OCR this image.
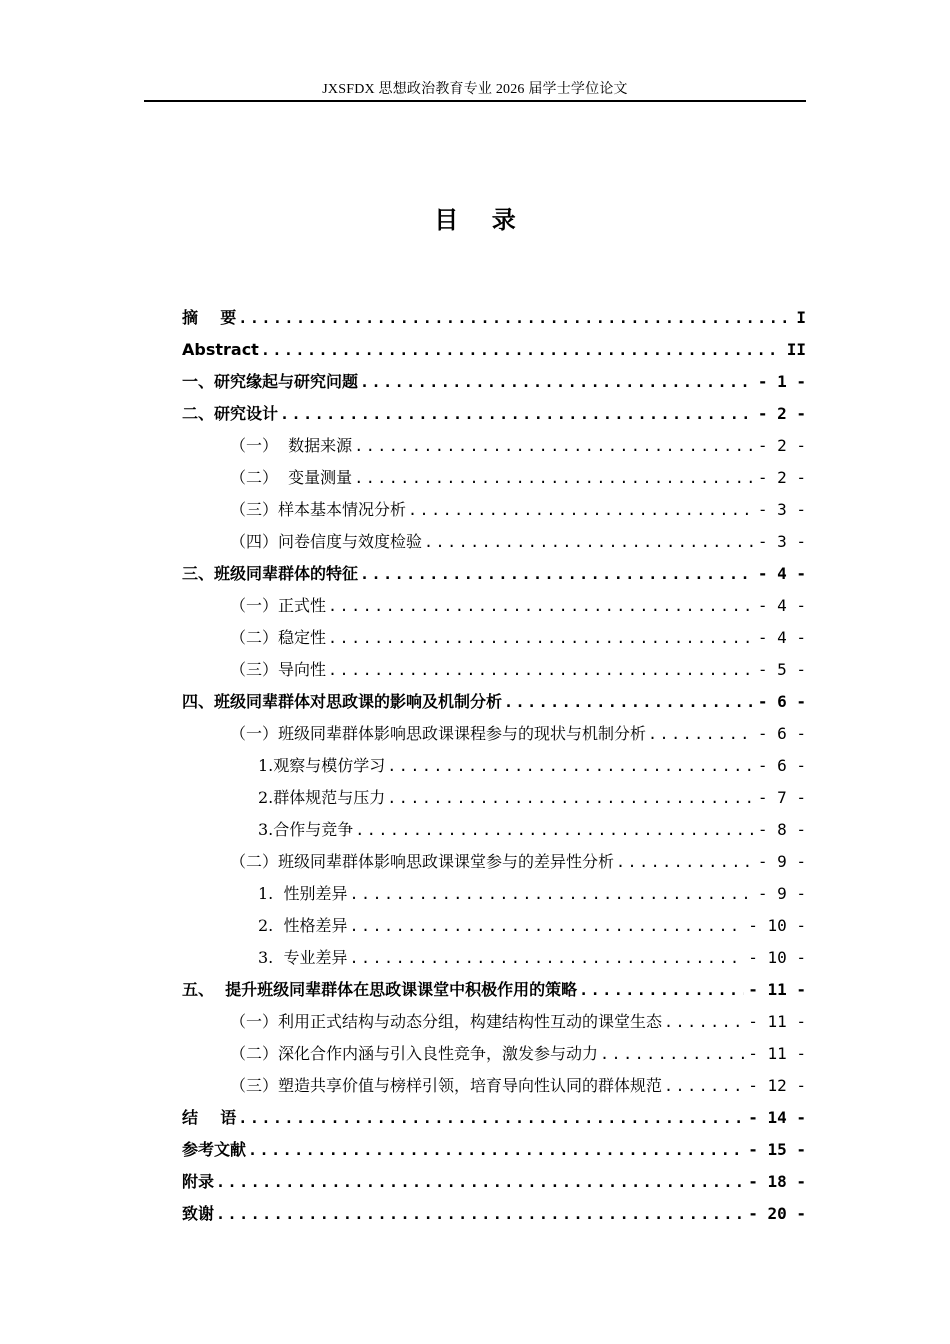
JXSFDX 思想政治教育专业 2026 届学士学位论文
目    录
摘    要 .....	I
Abstract .....	II
一、研究缘起与研究问题 .....	- 1 -
二、研究设计 .....	- 2 -
（一）  数据来源 .....	- 2 -
（二）  变量测量 .....	- 2 -
（三）样本基本情况分析 .....	- 3 -
（四）问卷信度与效度检验 .....	- 3 -
三、班级同辈群体的特征 .....	- 4 -
（一）正式性 .....	- 4 -
（二）稳定性 .....	- 4 -
（三）导向性 .....	- 5 -
四、班级同辈群体对思政课的影响及机制分析 .....	- 6 -
（一）班级同辈群体影响思政课课程参与的现状与机制分析 .....	- 6 -
1.观察与模仿学习 .....	- 6 -
2.群体规范与压力 .....	- 7 -
3.合作与竞争 .....	- 8 -
（二）班级同辈群体影响思政课课堂参与的差异性分析 .....	- 9 -
1.  性别差异 .....	- 9 -
2.  性格差异 .....	- 10 -
3.  专业差异 .....	- 10 -
五、  提升班级同辈群体在思政课课堂中积极作用的策略 .....	- 11 -
（一）利用正式结构与动态分组，构建结构性互动的课堂生态 .....	- 11 -
（二）深化合作内涵与引入良性竞争，激发参与动力 .....	- 11 -
（三）塑造共享价值与榜样引领，培育导向性认同的群体规范 .....	- 12 -
结    语 .....	- 14 -
参考文献 .....	- 15 -
附录 .....	- 18 -
致谢 .....	- 20 -
